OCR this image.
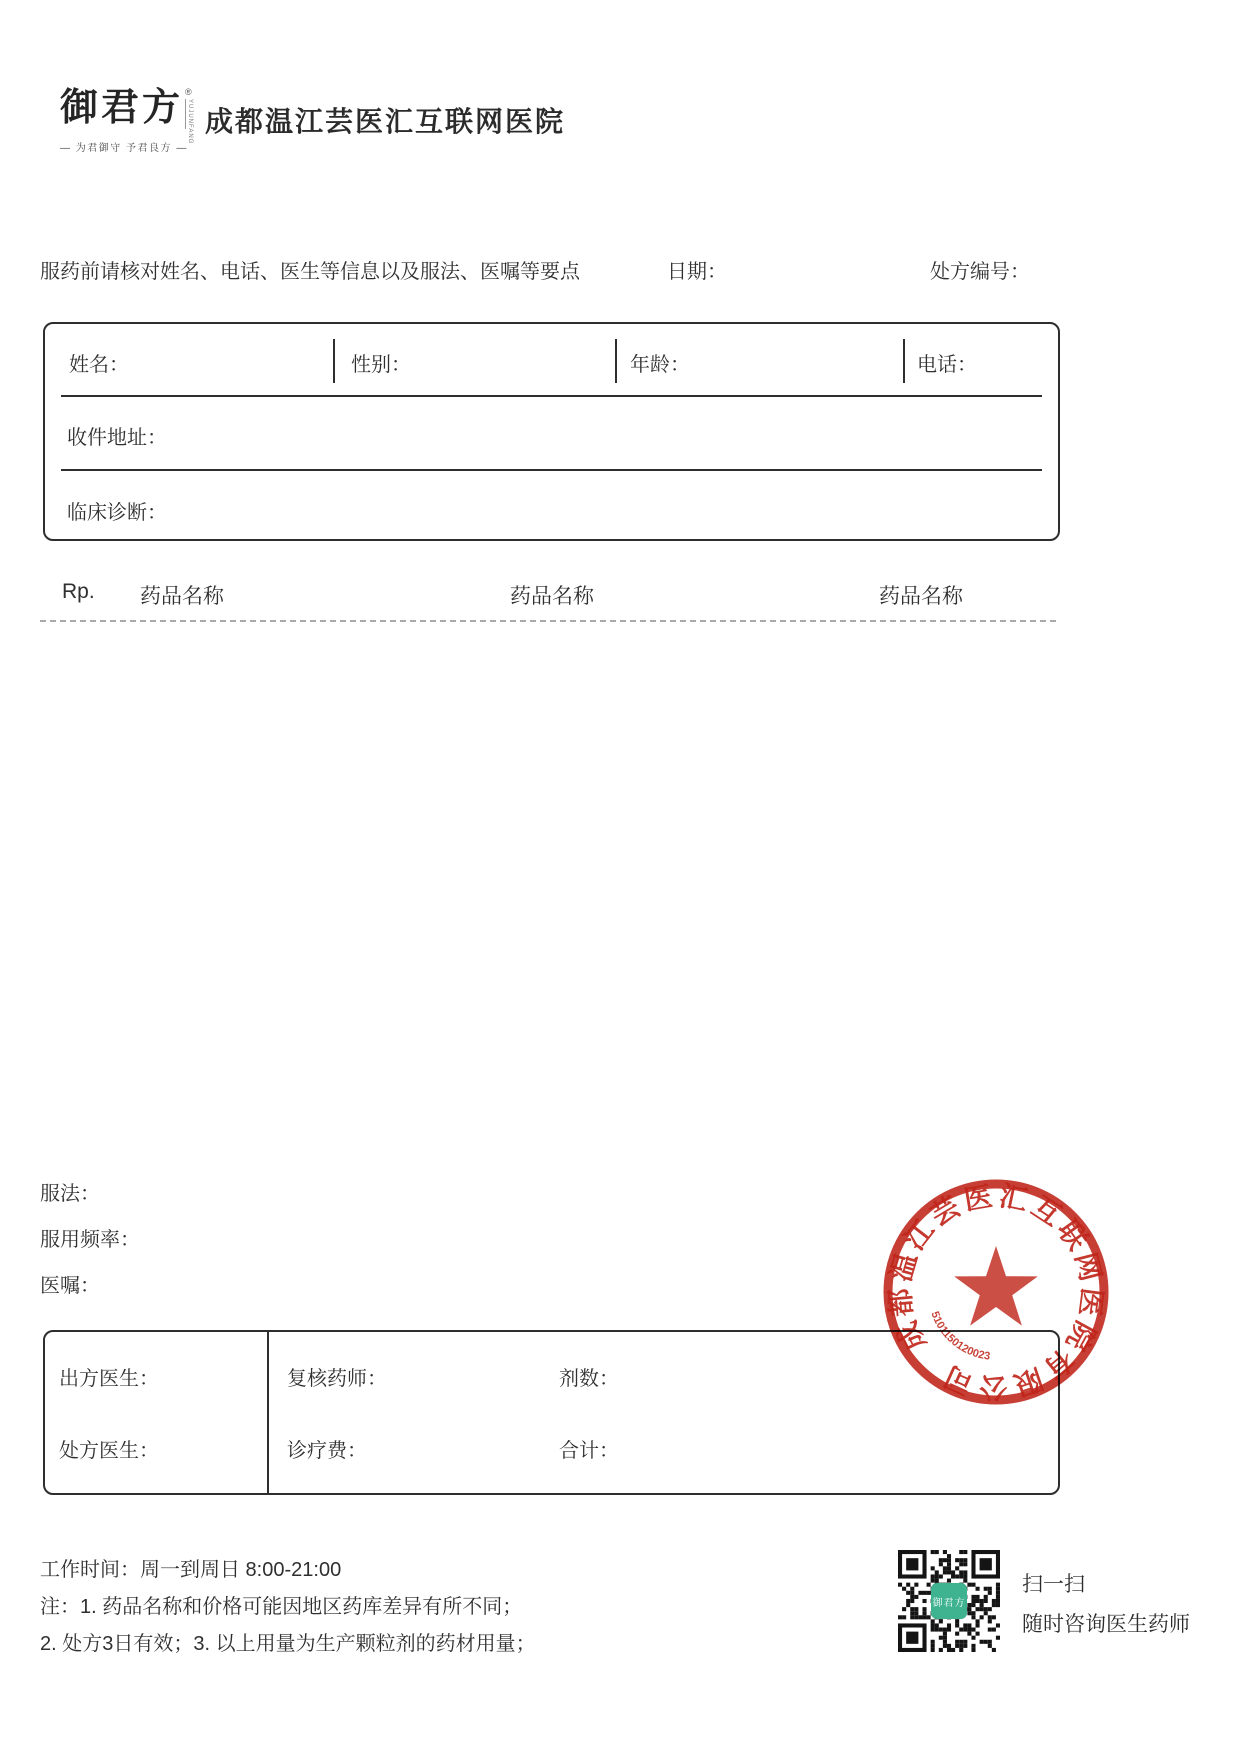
御君方 ®
YUJUNFANG
— 为君御守 予君良方 —
成都温江芸医汇互联网医院
服药前请核对姓名、电话、医生等信息以及服法、医嘱等要点	日期：	处方编号：
姓名：	性别：	年龄：	电话：
收件地址：
临床诊断：
Rp. 药品名称	药品名称	药品名称
服法：
服用频率：
医嘱：
出方医生：	复核药师：	剂数：
处方医生：	诊疗费：	合计：
成都温江芸医汇互联网医院有限公司
5101150120023
工作时间：周一到周日 8:00-21:00
注：1. 药品名称和价格可能因地区药库差异有所不同；
2. 处方3日有效；3. 以上用量为生产颗粒剂的药材用量；
御君方
扫一扫
随时咨询医生药师
